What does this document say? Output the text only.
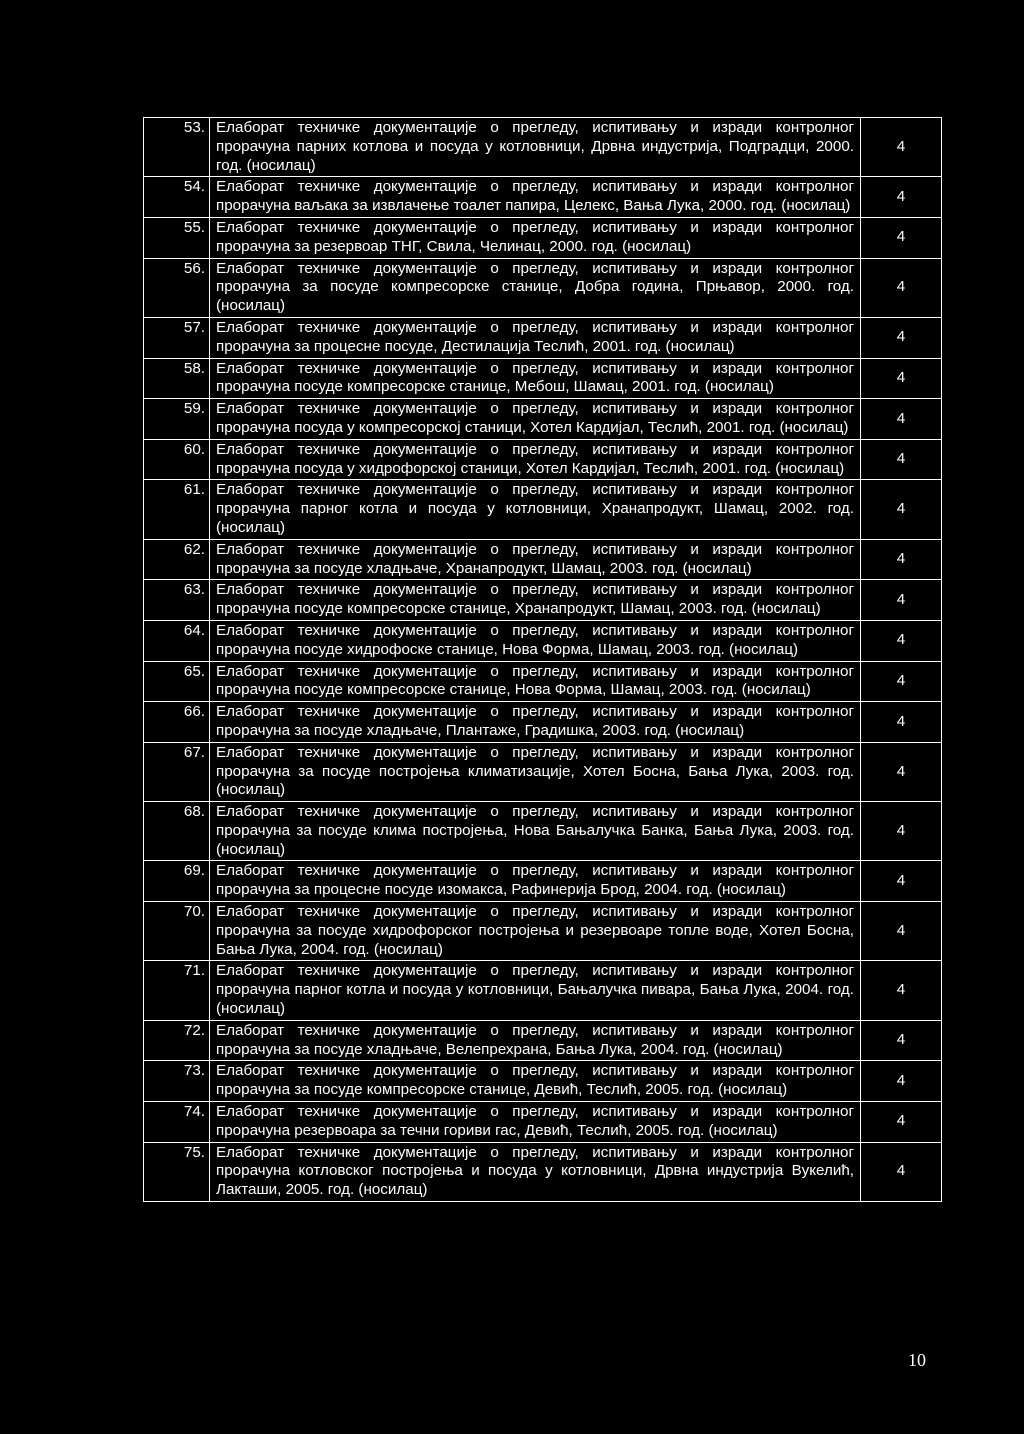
53.	Елаборат техничке документације о прегледу, испитивању и изради контролног прорачуна парних котлова и посуда у котловници, Дрвна индустрија, Подградци, 2000. год. (носилац)	4
54.	Елаборат техничке документације о прегледу, испитивању и изради контролног прорачуна ваљака за извлачење тоалет папира, Целекс, Вања Лука, 2000. год. (носилац)	4
55.	Елаборат техничке документације о прегледу, испитивању и изради контролног прорачуна за резервоар ТНГ, Свила, Челинац, 2000. год. (носилац)	4
56.	Елаборат техничке документације о прегледу, испитивању и изради контролног прорачуна за посуде компресорске станице, Добра година, Прњавор, 2000. год. (носилац)	4
57.	Елаборат техничке документације о прегледу, испитивању и изради контролног прорачуна за процесне посуде, Дестилација Теслић, 2001. год. (носилац)	4
58.	Елаборат техничке документације о прегледу, испитивању и изради контролног прорачуна посуде компресорске станице, Мебош, Шамац, 2001. год. (носилац)	4
59.	Елаборат техничке документације о прегледу, испитивању и изради контролног прорачуна посуда у компресорској станици, Хотел Кардијал, Теслић, 2001. год. (носилац)	4
60.	Елаборат техничке документације о прегледу, испитивању и изради контролног прорачуна посуда у хидрофорској станици, Хотел Кардијал, Теслић, 2001. год. (носилац)	4
61.	Елаборат техничке документације о прегледу, испитивању и изради контролног прорачуна парног котла и посуда у котловници, Хранапродукт, Шамац, 2002. год. (носилац)	4
62.	Елаборат техничке документације о прегледу, испитивању и изради контролног прорачуна за посуде хладњаче, Хранапродукт, Шамац, 2003. год. (носилац)	4
63.	Елаборат техничке документације о прегледу, испитивању и изради контролног прорачуна посуде компресорске станице, Хранапродукт, Шамац, 2003. год. (носилац)	4
64.	Елаборат техничке документације о прегледу, испитивању и изради контролног прорачуна посуде хидрофоске станице, Нова Форма, Шамац, 2003. год. (носилац)	4
65.	Елаборат техничке документације о прегледу, испитивању и изради контролног прорачуна посуде компресорске станице, Нова Форма, Шамац, 2003. год. (носилац)	4
66.	Елаборат техничке документације о прегледу, испитивању и изради контролног прорачуна за посуде хладњаче, Плантаже, Градишка, 2003. год. (носилац)	4
67.	Елаборат техничке документације о прегледу, испитивању и изради контролног прорачуна за посуде постројења климатизације, Хотел Босна, Бања Лука, 2003. год. (носилац)	4
68.	Елаборат техничке документације о прегледу, испитивању и изради контролног прорачуна за посуде клима постројења, Нова Бањалучка Банка, Бања Лука, 2003. год. (носилац)	4
69.	Елаборат техничке документације о прегледу, испитивању и изради контролног прорачуна за процесне посуде изомакса, Рафинерија Брод, 2004. год. (носилац)	4
70.	Елаборат техничке документације о прегледу, испитивању и изради контролног прорачуна за посуде хидрофорског постројења и резервоаре топле воде, Хотел Босна, Бања Лука, 2004. год. (носилац)	4
71.	Елаборат техничке документације о прегледу, испитивању и изради контролног прорачуна парног котла и посуда у котловници, Бањалучка пивара, Бања Лука, 2004. год. (носилац)	4
72.	Елаборат техничке документације о прегледу, испитивању и изради контролног прорачуна за посуде хладњаче, Велепрехрана, Бања Лука, 2004. год. (носилац)	4
73.	Елаборат техничке документације о прегледу, испитивању и изради контролног прорачуна за посуде компресорске станице, Девић, Теслић, 2005. год. (носилац)	4
74.	Елаборат техничке документације о прегледу, испитивању и изради контролног прорачуна резервоара за течни гориви гас, Девић, Теслић, 2005. год. (носилац)	4
75.	Елаборат техничке документације о прегледу, испитивању и изради контролног прорачуна котловског постројења и посуда у котловници, Дрвна индустрија Вукелић, Лакташи, 2005. год. (носилац)	4
10
